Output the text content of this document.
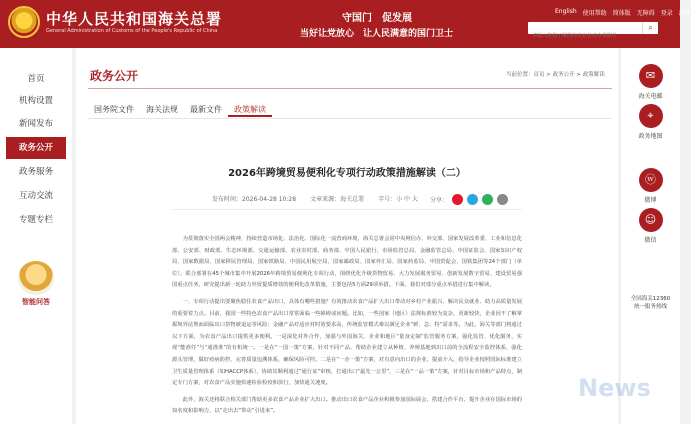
中华人民共和国海关总署
General Administration of Customs of the People's Republic of China
守国门　促发展
当好让党放心　让人民满意的国门卫士
English 使用帮助 简体版 无障碍 登录 注册
请输入您想了解的海关业务或办事服务
⌕
首页
机构设置
新闻发布
政务公开
政务服务
互动交流
专题专栏
智能问答
政务公开	当前位置：首页 > 政务公开 > 政策解读
国务院文件	海关法规	最新文件	政策解读
2026年跨境贸易便利化专项行动政策措施解读（二）
发布时间：2026-04-28 10:28 文章来源：海关总署 字号：小 中 大 分享：

为贯彻落实全国两会精神，持续营造市场化、法治化、国际化一流营商环境，海关总署会同中央网信办、外交部、国家发展改革委、工业和信息化部、公安部、财政部、生态环境部、交通运输部、农业农村部、商务部、中国人民银行、市场监管总局、金融监管总局、中国证监会、国家知识产权局、国家数据局、国家移民管理局、国家铁路局、中国民用航空局、国家邮政局、国家外汇局、国家药监局、中国贸促会、国铁集团等24个部门（单位），联合部署在45个城市集中开展2026年跨境贸易便利化专项行动，围绕优化升级货物贸易、大力发展服务贸易、创新发展数字贸易、建设贸易强国重点任务，研究提出新一轮助力外贸提质增效的便利化改革措施，主要包括5方面29项举措。下面，我们对部分重点举措进行集中解读。

一、专项行动提出要聚焦稳住农食产品出口，具体有哪些措施？有效推动农食产品扩大出口带动对乡村产业振兴、解决民众就业、助力高质量发展的重要着力点。目前，我国一些特色农食产品出口常常面临一些障碍或问题。比如，一些国家（地区）法规标准较为复杂、更新较快，企业因不了解掌握境外法规而面临出口货物被退运等风险；金融产品对适应对时效要求高，传统监管模式难以满足企业“鲜、急、特”需求等。为此，海关等部门将通过以下方面，为农食产品出口提供更多便利。一是深化对外合作，加强与外国海关、企业和地区“量身定制”监管服务方案，强化监管、优化服务，实现“能准任”与“通准准”的有机统一。一是在“一国一策”方案，针对不同产品，帮助企业建立从种植、养殖基地到出口前的全流程安全监控体系，强化源头管理，做好疫病防控，完善质量追溯体系，确保风险可控。二是在“一企一策”方案，对有意向出口的企业，提前介入，指导企业按照国际标准建立卫生质量管理体系（如HACCP体系），协助其顺利通过“通行证”审核，打通出口“最先一公里”，三是在“一品一策”方案，针对目标市场和产品特点，制定专门方案，对农食产品实施快速检验检疫和放行，加快通关速度。

此外，海关还将联合相关部门帮助更多农食产品企业扩大出口。推动出口农食产品企业积极参加国际展会，搭建合作平台，提升企业在国际市场的知名度和影响力，以“走出去”带动“引进来”。

✉
海关电邮
⌖
政务地图
ⓦ
微博
☺
微信
全国海关12360
统一服务热线
News
